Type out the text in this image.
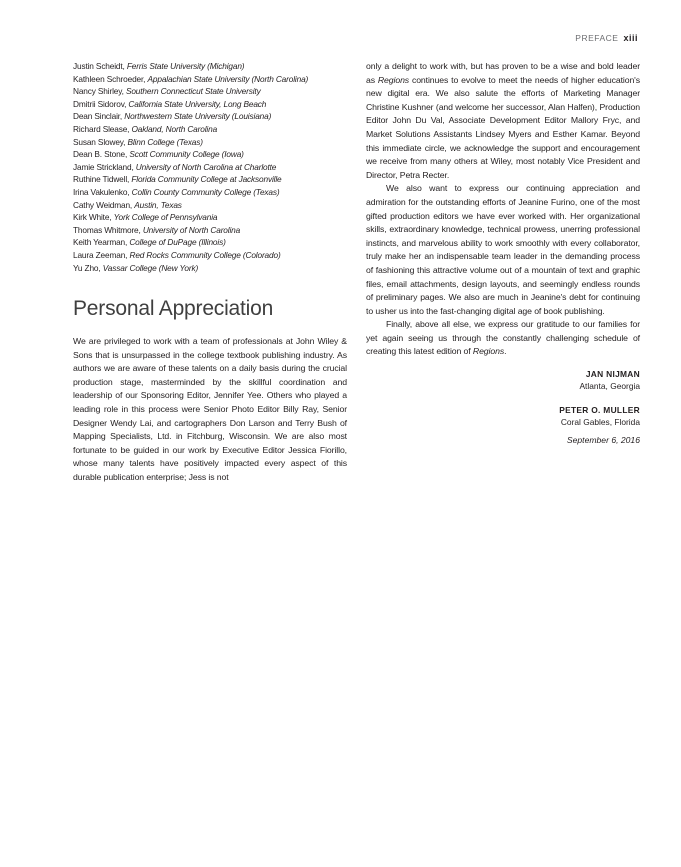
PREFACE xiii
Justin Scheidt, Ferris State University (Michigan)
Kathleen Schroeder, Appalachian State University (North Carolina)
Nancy Shirley, Southern Connecticut State University
Dmitrii Sidorov, California State University, Long Beach
Dean Sinclair, Northwestern State University (Louisiana)
Richard Slease, Oakland, North Carolina
Susan Slowey, Blinn College (Texas)
Dean B. Stone, Scott Community College (Iowa)
Jamie Strickland, University of North Carolina at Charlotte
Ruthine Tidwell, Florida Community College at Jacksonville
Irina Vakulenko, Collin County Community College (Texas)
Cathy Weidman, Austin, Texas
Kirk White, York College of Pennsylvania
Thomas Whitmore, University of North Carolina
Keith Yearman, College of DuPage (Illinois)
Laura Zeeman, Red Rocks Community College (Colorado)
Yu Zho, Vassar College (New York)
Personal Appreciation

We are privileged to work with a team of professionals at John Wiley & Sons that is unsurpassed in the college textbook publishing industry. As authors we are aware of these talents on a daily basis during the crucial production stage, masterminded by the skillful coordination and leadership of our Sponsoring Editor, Jennifer Yee. Others who played a leading role in this process were Senior Photo Editor Billy Ray, Senior Designer Wendy Lai, and cartographers Don Larson and Terry Bush of Mapping Specialists, Ltd. in Fitchburg, Wisconsin. We are also most fortunate to be guided in our work by Executive Editor Jessica Fiorillo, whose many talents have positively impacted every aspect of this durable publication enterprise; Jess is not

only a delight to work with, but has proven to be a wise and bold leader as Regions continues to evolve to meet the needs of higher education's new digital era. We also salute the efforts of Marketing Manager Christine Kushner (and welcome her successor, Alan Halfen), Production Editor John Du Val, Associate Development Editor Mallory Fryc, and Market Solutions Assistants Lindsey Myers and Esther Kamar. Beyond this immediate circle, we acknowledge the support and encouragement we receive from many others at Wiley, most notably Vice President and Director, Petra Recter.

We also want to express our continuing appreciation and admiration for the outstanding efforts of Jeanine Furino, one of the most gifted production editors we have ever worked with. Her organizational skills, extraordinary knowledge, technical prowess, unerring professional instincts, and marvelous ability to work smoothly with every collaborator, truly make her an indispensable team leader in the demanding process of fashioning this attractive volume out of a mountain of text and graphic files, email attachments, design layouts, and seemingly endless rounds of preliminary pages. We also are much in Jeanine's debt for continuing to usher us into the fast-changing digital age of book publishing.

Finally, above all else, we express our gratitude to our families for yet again seeing us through the constantly challenging schedule of creating this latest edition of Regions.

JAN NIJMAN
Atlanta, Georgia
PETER O. MULLER
Coral Gables, Florida
September 6, 2016
